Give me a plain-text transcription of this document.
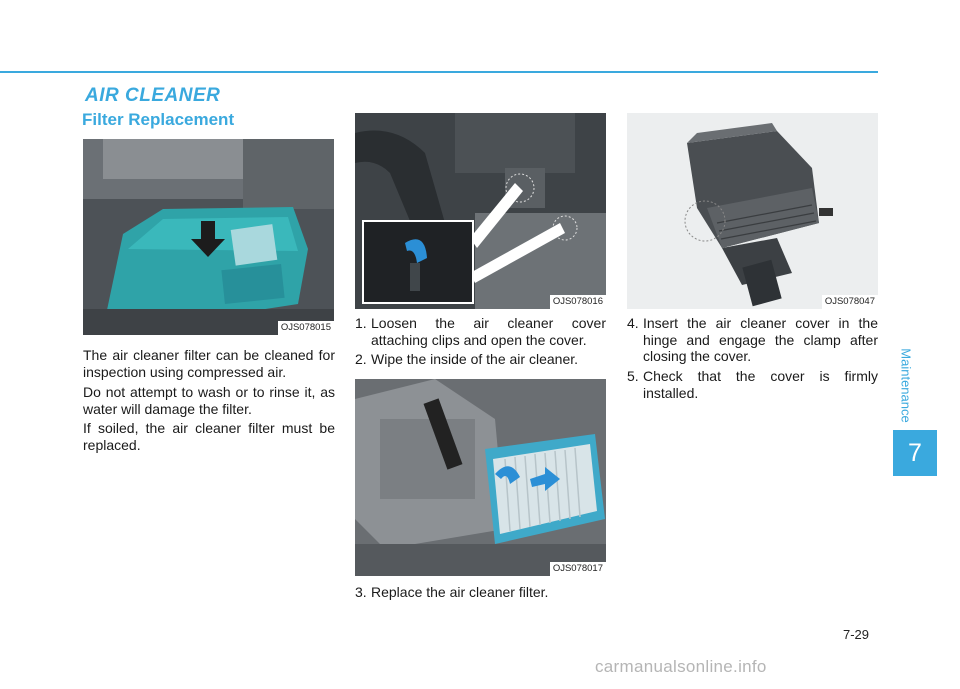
AIR CLEANER
Filter Replacement
OJS078015
OJS078016
OJS078017
OJS078047
The air cleaner filter can be cleaned for inspection using compressed air.
Do not attempt to wash or to rinse it, as water will damage the filter.
If soiled, the air cleaner filter must be replaced.
1. Loosen the air cleaner cover attaching clips and open the cover.
2. Wipe the inside of the air cleaner.
3. Replace the air cleaner filter.
4. Insert the air cleaner cover in the hinge and engage the clamp after closing the cover.
5. Check that the cover is firmly installed.	Maintenance
7
7-29
carmanualsonline.info
